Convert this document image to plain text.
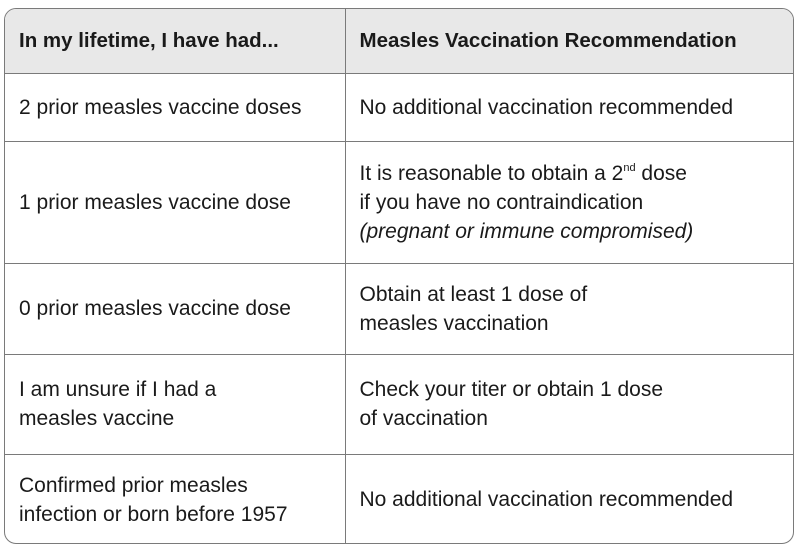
In my lifetime, I have had...	Measles Vaccination Recommendation

2 prior measles vaccine doses	No additional vaccination recommended

1 prior measles vaccine dose	It is reasonable to obtain a 2nd dose
if you have no contraindication
(pregnant or immune compromised)

0 prior measles vaccine dose	Obtain at least 1 dose of
measles vaccination

I am unsure if I had a
measles vaccine	Check your titer or obtain 1 dose
of vaccination

Confirmed prior measles
infection or born before 1957	No additional vaccination recommended
